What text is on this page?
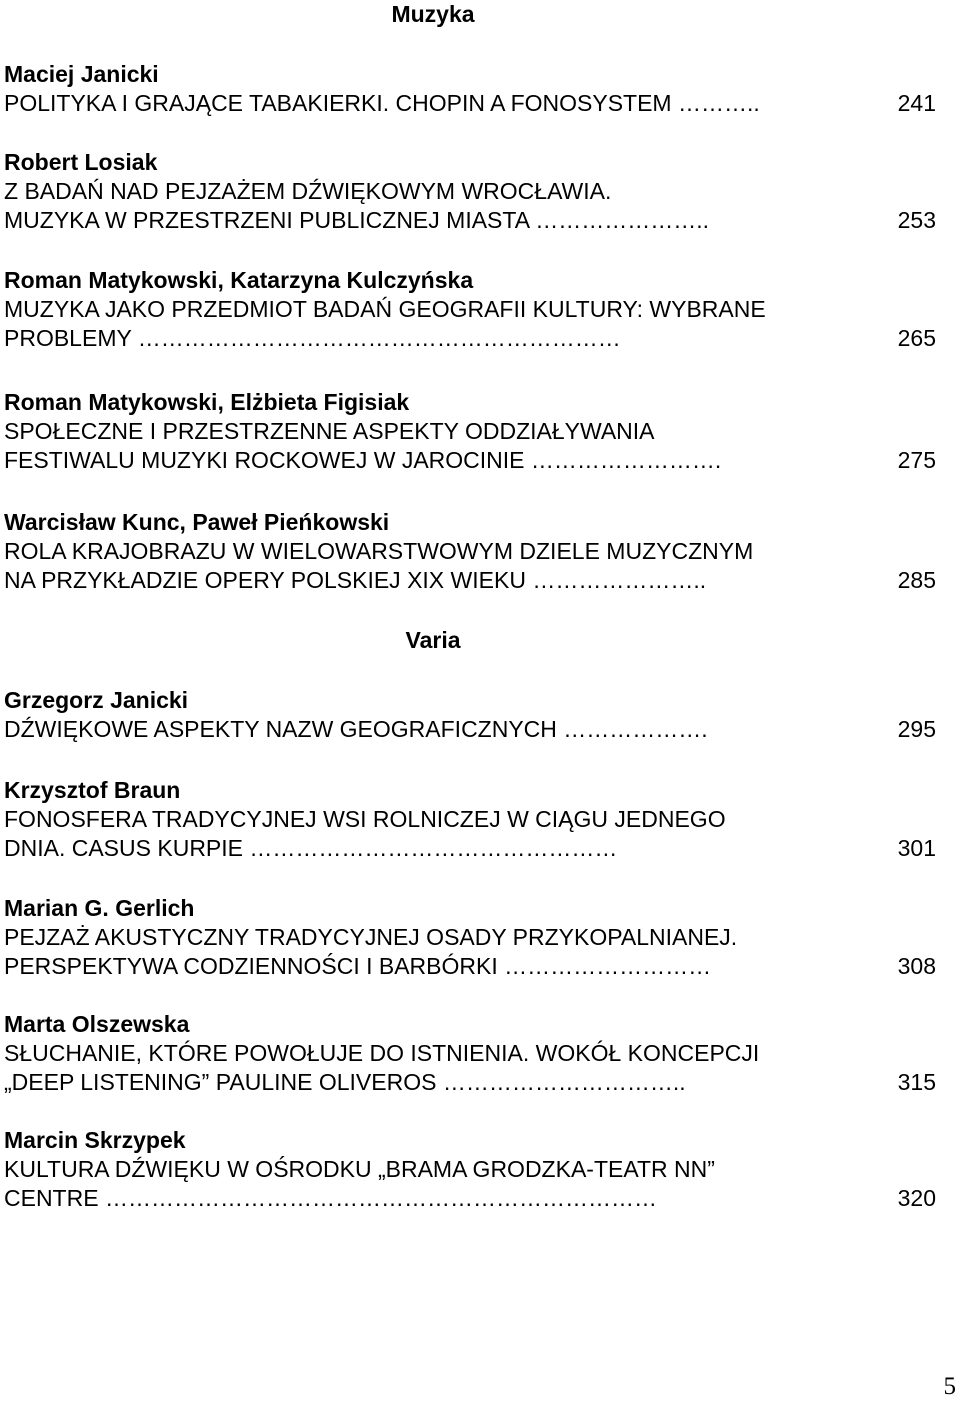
Muzyka
Maciej Janicki
POLITYKA I GRAJĄCE TABAKIERKI. CHOPIN A FONOSYSTEM ………..	241
Robert Losiak
Z BADAŃ NAD PEJZAŻEM DŹWIĘKOWYM WROCŁAWIA.
MUZYKA W PRZESTRZENI PUBLICZNEJ MIASTA …………………..	253
Roman Matykowski, Katarzyna Kulczyńska
MUZYKA JAKO PRZEDMIOT BADAŃ GEOGRAFII KULTURY: WYBRANE
PROBLEMY ………………………………………………………	265
Roman Matykowski, Elżbieta Figisiak
SPOŁECZNE I PRZESTRZENNE ASPEKTY ODDZIAŁYWANIA
FESTIWALU MUZYKI ROCKOWEJ W JAROCINIE …………………….	275
Warcisław Kunc, Paweł Pieńkowski
ROLA KRAJOBRAZU W WIELOWARSTWOWYM DZIELE MUZYCZNYM
NA PRZYKŁADZIE OPERY POLSKIEJ XIX WIEKU …………………..	285
Varia
Grzegorz Janicki
DŹWIĘKOWE ASPEKTY NAZW GEOGRAFICZNYCH ……………….	295
Krzysztof Braun
FONOSFERA TRADYCYJNEJ WSI ROLNICZEJ W CIĄGU JEDNEGO
DNIA. CASUS KURPIE …………………………………………	301
Marian G. Gerlich
PEJZAŻ AKUSTYCZNY TRADYCYJNEJ OSADY PRZYKOPALNIANEJ.
PERSPEKTYWA CODZIENNOŚCI I BARBÓRKI ………………………	308
Marta Olszewska
SŁUCHANIE, KTÓRE POWOŁUJE DO ISTNIENIA. WOKÓŁ KONCEPCJI
„DEEP LISTENING” PAULINE OLIVEROS …………………………..	315
Marcin Skrzypek
KULTURA DŹWIĘKU W OŚRODKU „BRAMA GRODZKA-TEATR NN”
CENTRE ………………………………………………………………	320
5
